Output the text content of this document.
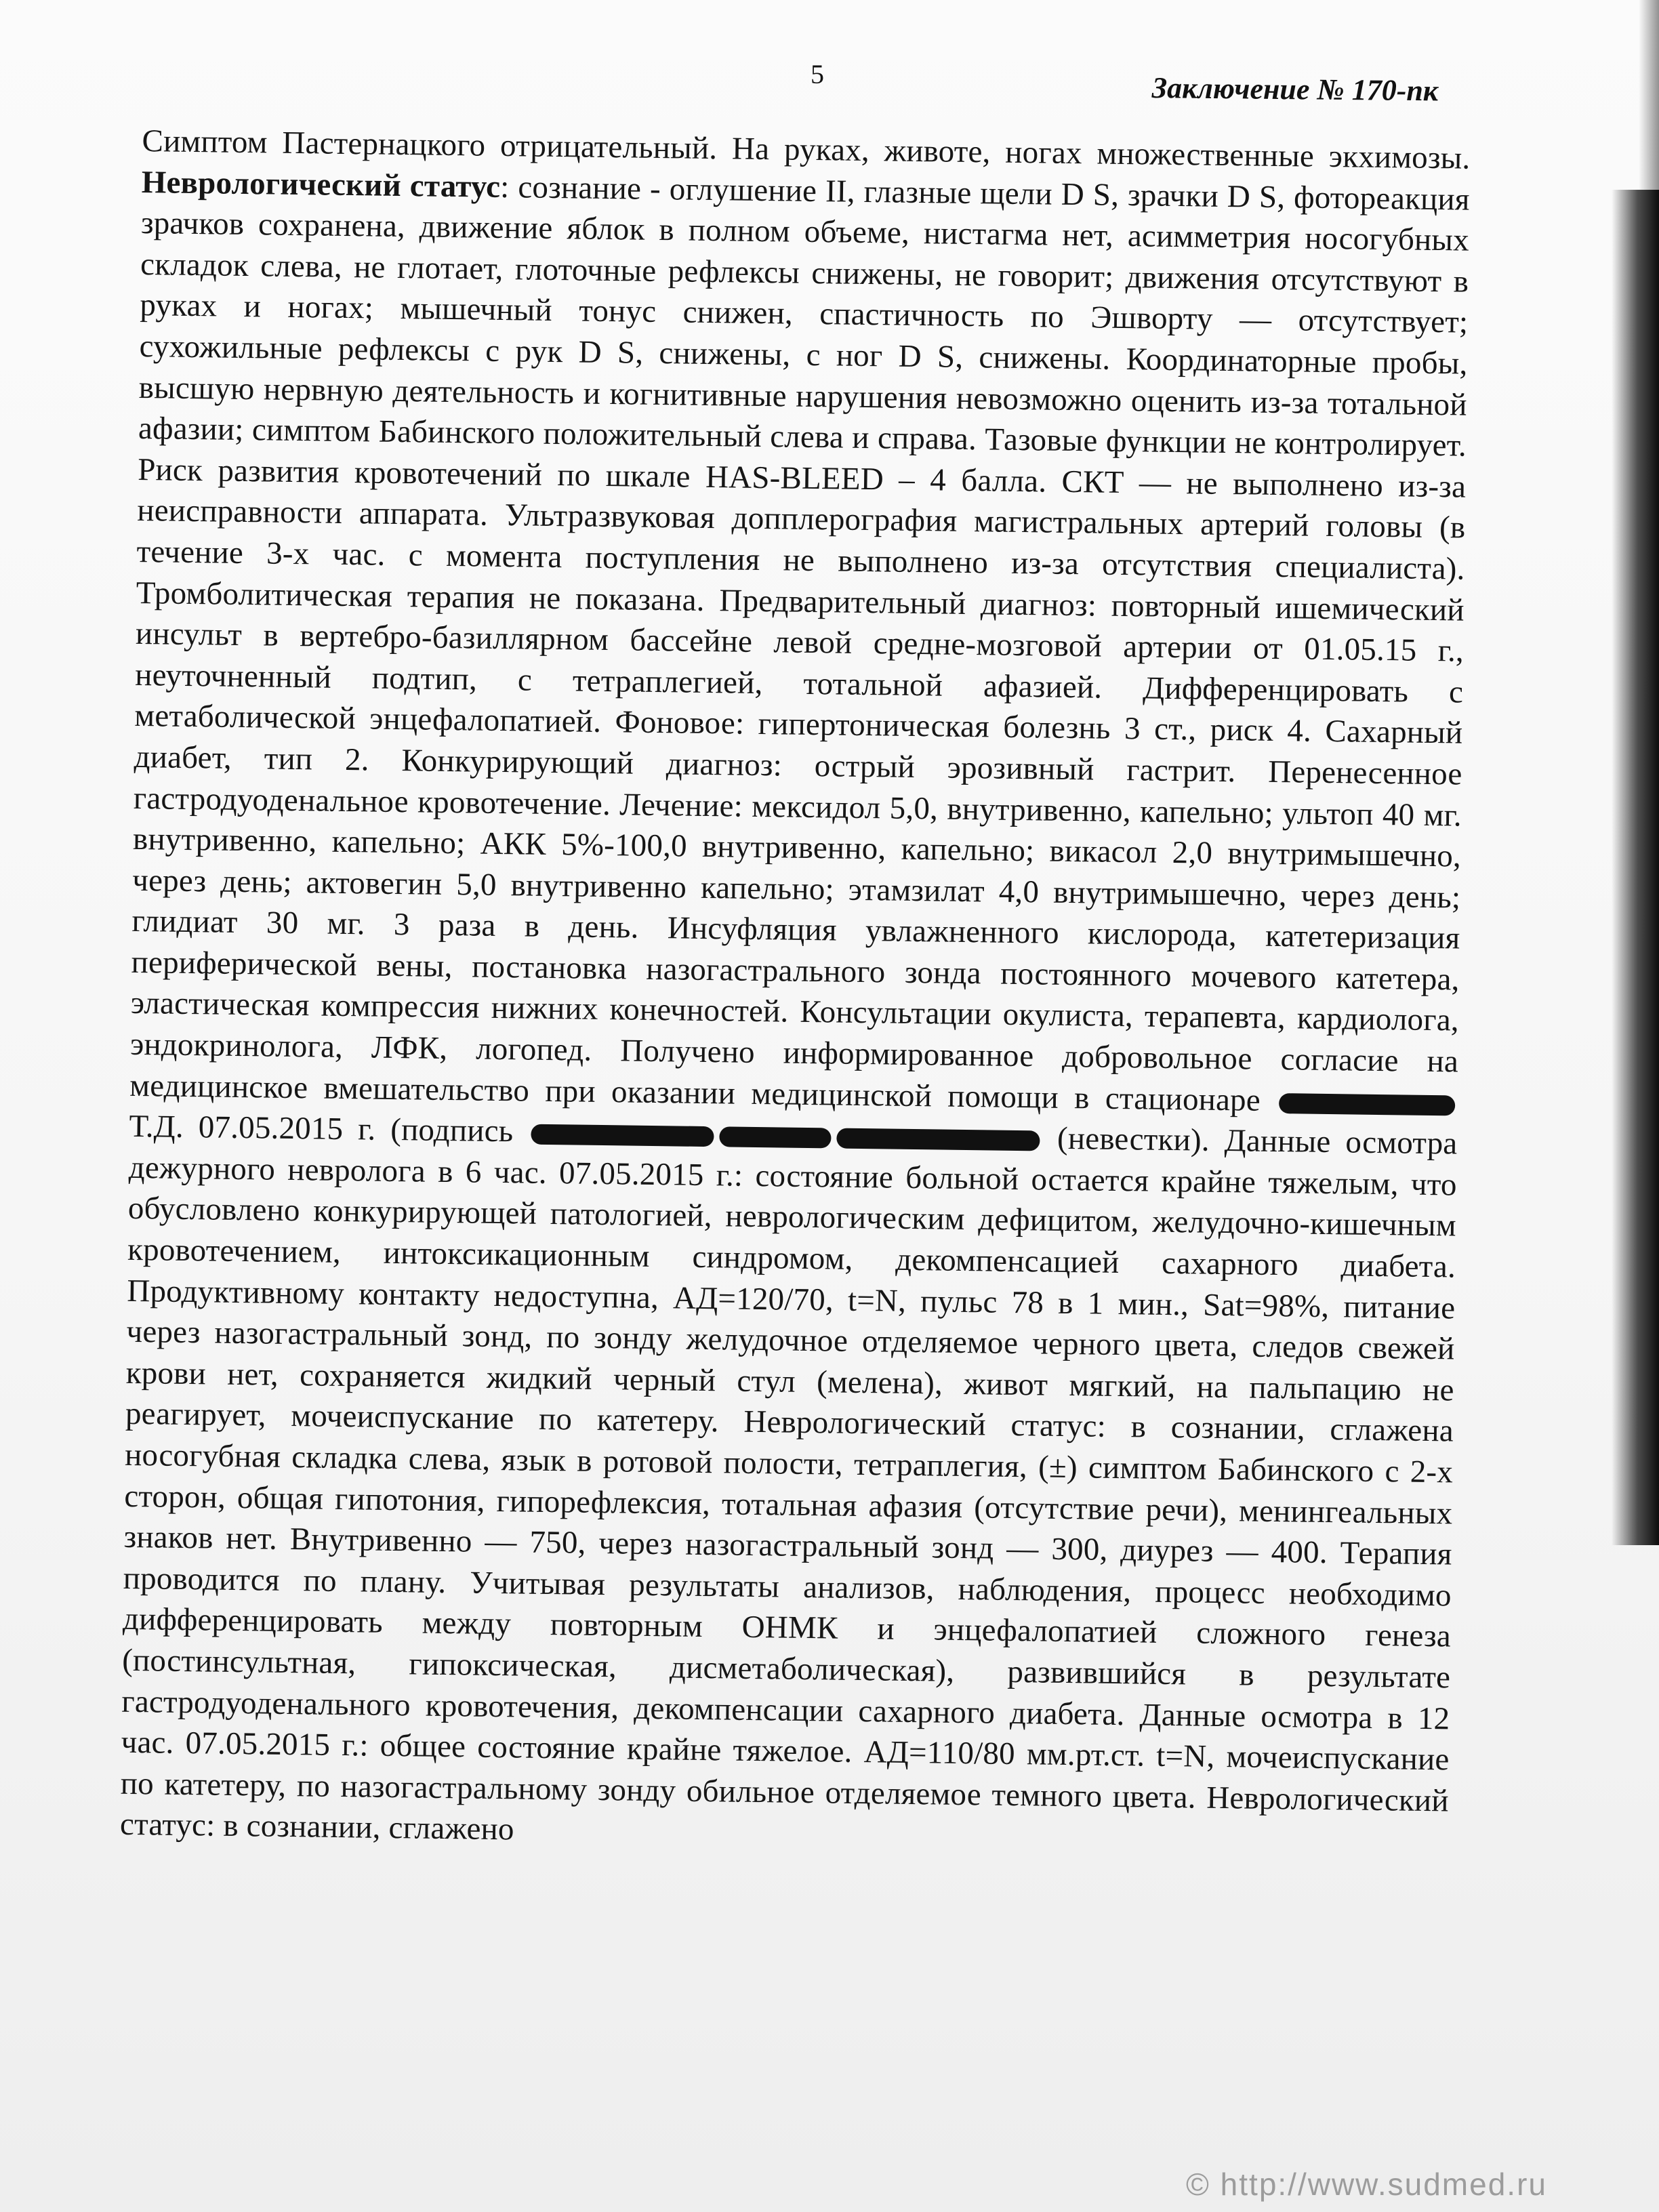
5	Заключение № 170-пк
Симптом Пастернацкого отрицательный. На руках, животе, ногах множественные экхимозы. Неврологический статус: сознание - оглушение II, глазные щели D S, зрачки D S, фотореакция зрачков сохранена, движение яблок в полном объеме, нистагма нет, асимметрия носогубных складок слева, не глотает, глоточные рефлексы снижены, не говорит; движения отсутствуют в руках и ногах; мышечный тонус снижен, спастичность по Эшворту — отсутствует; сухожильные рефлексы с рук D S, снижены, с ног D S, снижены. Координаторные пробы, высшую нервную деятельность и когнитивные нарушения невозможно оценить из-за тотальной афазии; симптом Бабинского положительный слева и справа. Тазовые функции не контролирует. Риск развития кровотечений по шкале HAS-BLEED – 4 балла. СКТ — не выполнено из-за неисправности аппарата. Ультразвуковая допплерография магистральных артерий головы (в течение 3-х час. с момента поступления не выполнено из-за отсутствия специалиста). Тромболитическая терапия не показана. Предварительный диагноз: повторный ишемический инсульт в вертебро-базиллярном бассейне левой средне-мозговой артерии от 01.05.15 г., неуточненный подтип, с тетраплегией, тотальной афазией. Дифференцировать с метаболической энцефалопатией. Фоновое: гипертоническая болезнь 3 ст., риск 4. Сахарный диабет, тип 2. Конкурирующий диагноз: острый эрозивный гастрит. Перенесенное гастродуоденальное кровотечение. Лечение: мексидол 5,0, внутривенно, капельно; ультоп 40 мг. внутривенно, капельно; АКК 5%-100,0 внутривенно, капельно; викасол 2,0 внутримышечно, через день; актовегин 5,0 внутривенно капельно; этамзилат 4,0 внутримышечно, через день; глидиат 30 мг. 3 раза в день. Инсуфляция увлажненного кислорода, катетеризация периферической вены, постановка назогастрального зонда постоянного мочевого катетера, эластическая компрессия нижних конечностей. Консультации окулиста, терапевта, кардиолога, эндокринолога, ЛФК, логопед. Получено информированное добровольное согласие на медицинское вмешательство при оказании медицинской помощи в стационаре  Т.Д. 07.05.2015 г. (подпись	(невестки). Данные осмотра дежурного невролога в 6 час. 07.05.2015 г.: состояние больной остается крайне тяжелым, что обусловлено конкурирующей патологией, неврологическим дефицитом, желудочно-кишечным кровотечением, интоксикационным синдромом, декомпенсацией сахарного диабета. Продуктивному контакту недоступна, АД=120/70, t=N, пульс 78 в 1 мин., Sat=98%, питание через назогастральный зонд, по зонду желудочное отделяемое черного цвета, следов свежей крови нет, сохраняется жидкий черный стул (мелена), живот мягкий, на пальпацию не реагирует, мочеиспускание по катетеру. Неврологический статус: в сознании, сглажена носогубная складка слева, язык в ротовой полости, тетраплегия, (±) симптом Бабинского с 2-х сторон, общая гипотония, гипорефлексия, тотальная афазия (отсутствие речи), менингеальных знаков нет. Внутривенно — 750, через назогастральный зонд — 300, диурез — 400. Терапия проводится по плану. Учитывая результаты анализов, наблюдения, процесс необходимо дифференцировать между повторным ОНМК и энцефалопатией сложного генеза (постинсультная, гипоксическая, дисметаболическая), развившийся в результате гастродуоденального кровотечения, декомпенсации сахарного диабета. Данные осмотра в 12 час. 07.05.2015 г.: общее состояние крайне тяжелое. АД=110/80 мм.рт.ст. t=N, мочеиспускание по катетеру, по назогастральному зонду обильное отделяемое темного цвета. Неврологический статус: в сознании, сглажено
© http://www.sudmed.ru
